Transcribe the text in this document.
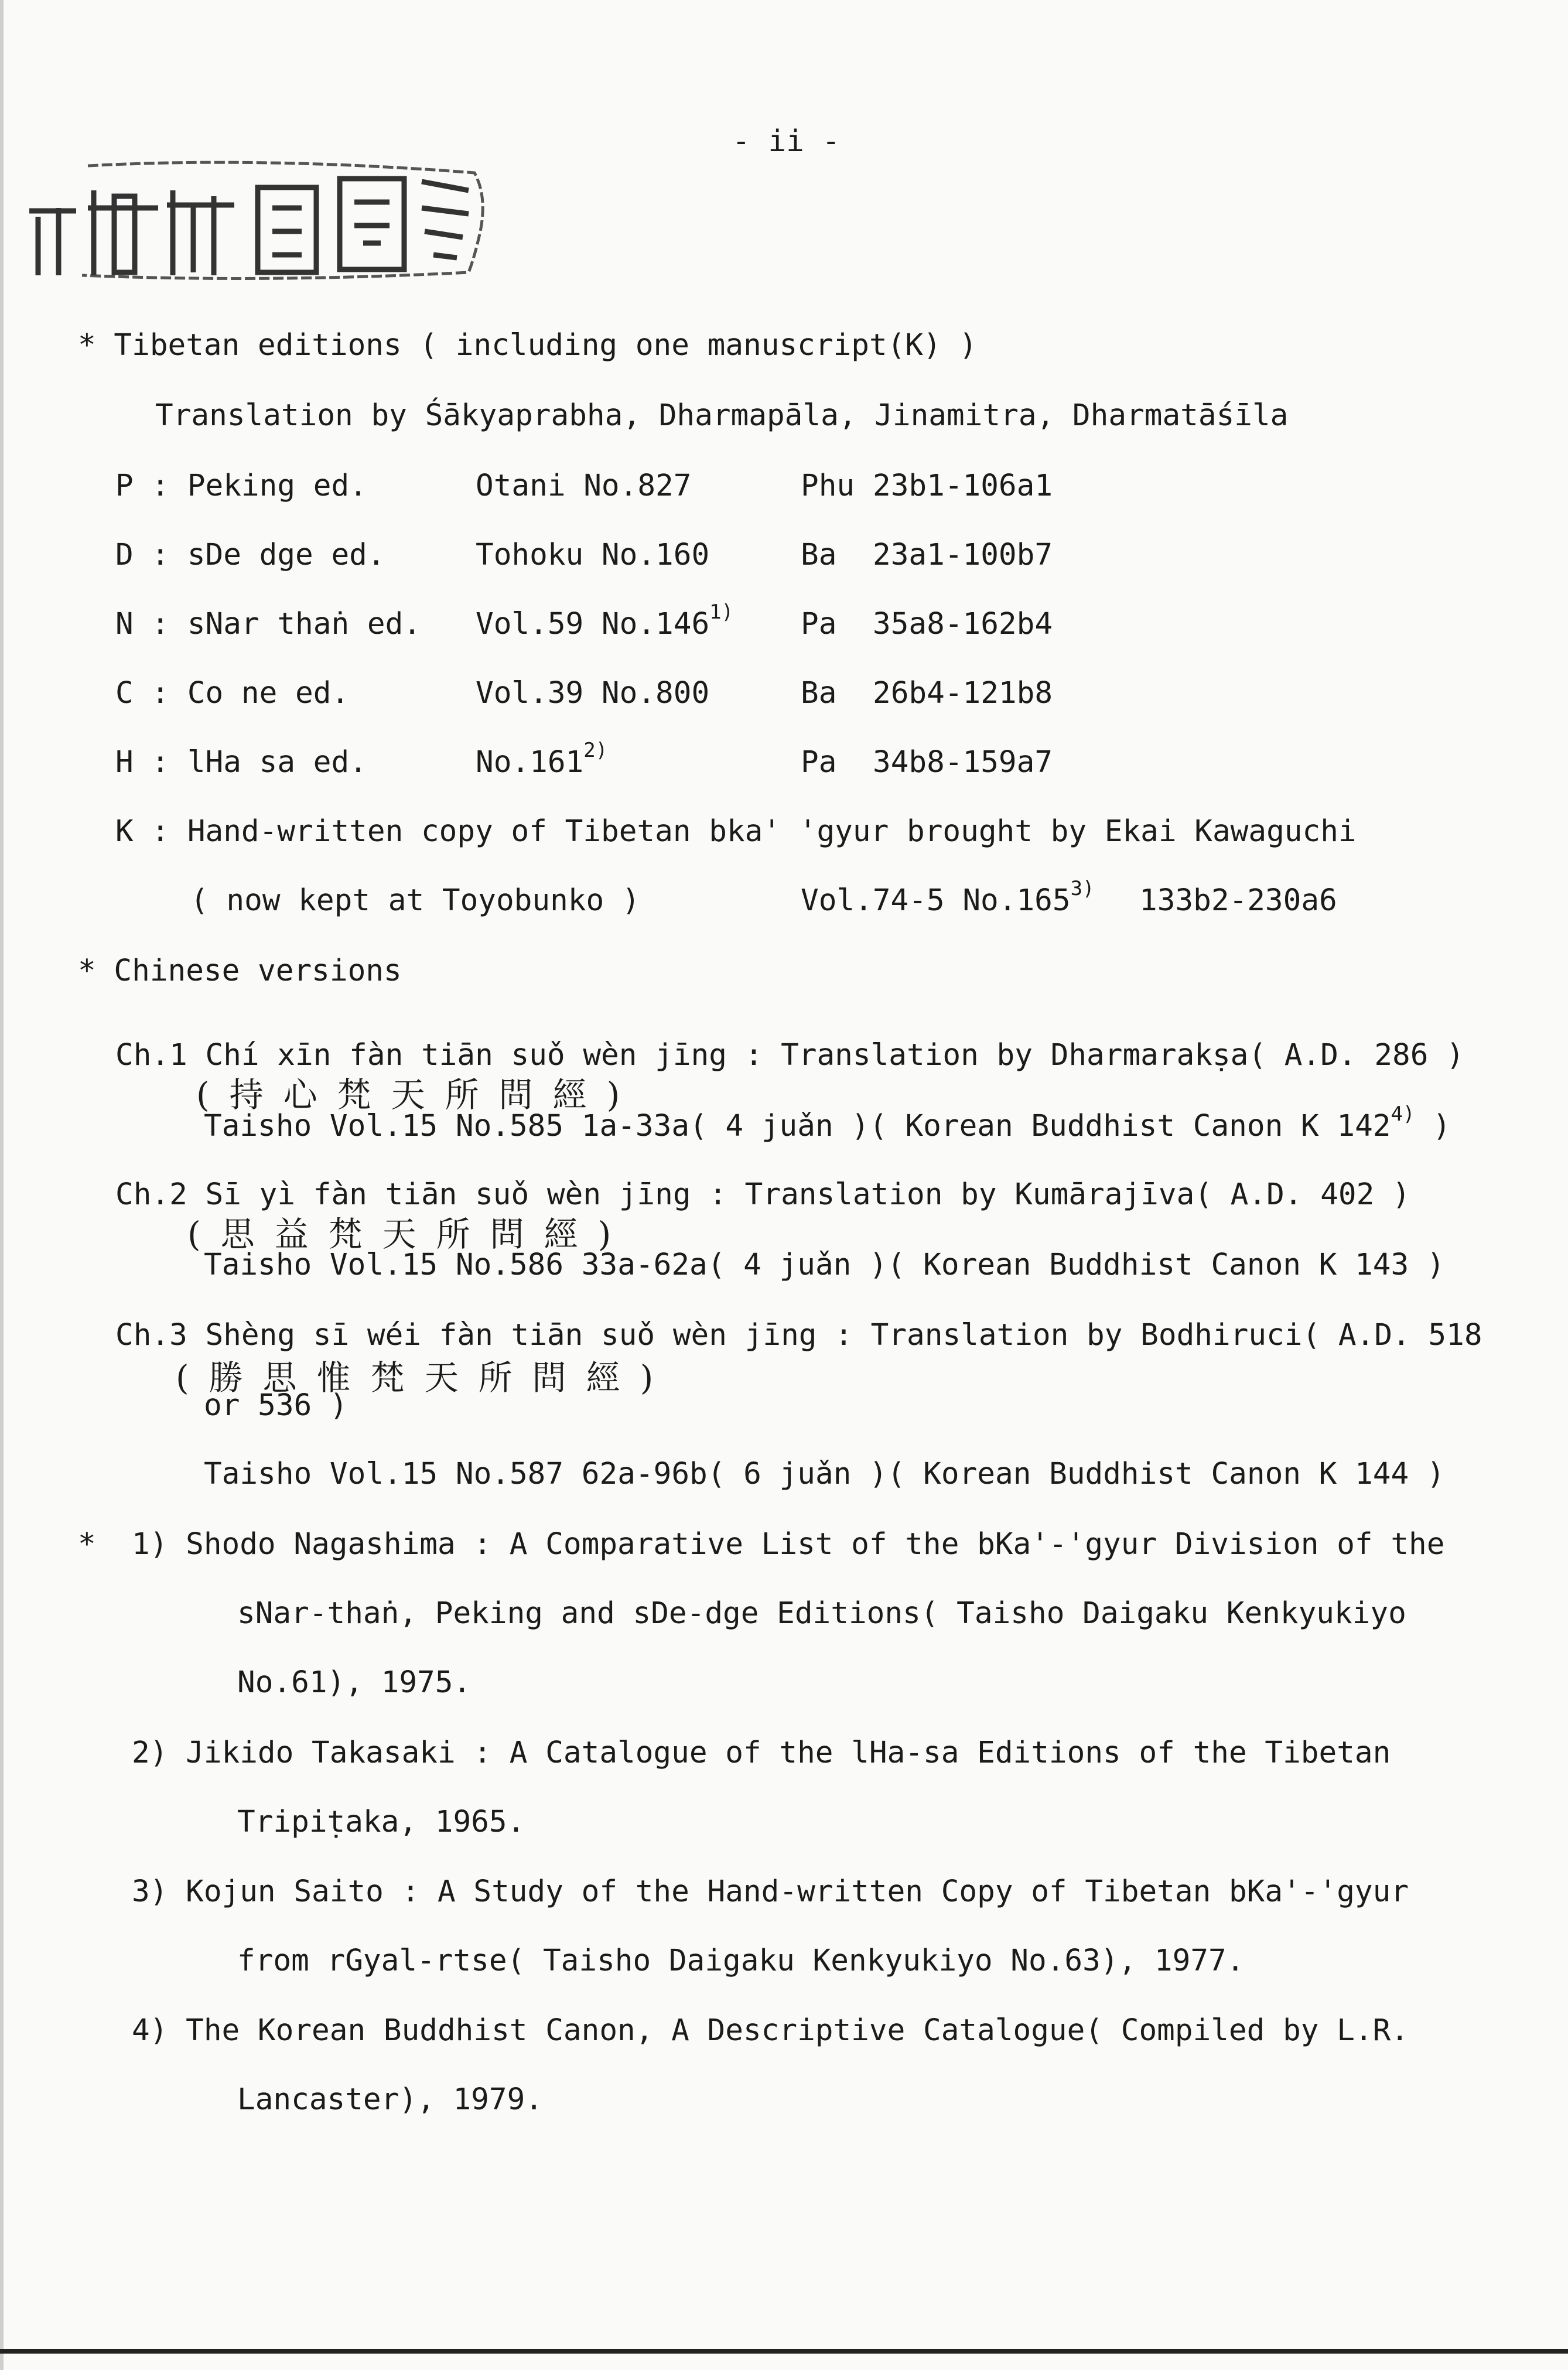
- ii -
* Tibetan editions ( including one manuscript(K) )
Translation by Śākyaprabha, Dharmapāla, Jinamitra, Dharmatāśīla
P : Peking ed.	Otani No.827	Phu 23b1-106a1
D : sDe dge ed.	Tohoku No.160	Ba 23a1-100b7
N : sNar thaṅ ed. Vol.59 No.146$^{1)}$ Pa 35a8-162b4
C : Co ne ed.	Vol.39 No.800	Ba 26b4-121b8
H : lHa sa ed.	No.161$^{2)}$	Pa 34b8-159a7
K : Hand-written copy of Tibetan bka' 'gyur brought by Ekai Kawaguchi
( now kept at Toyobunko )	Vol.74-5 No.165$^{3)}$ 133b2-230a6
* Chinese versions
Ch.1 Chí xīn fàn tiān suǒ wèn jīng : Translation by Dharmarakṣa( A.D. 286 )
(持心梵天所問經)
Taisho Vol.15 No.585 1a-33a( 4 juǎn )( Korean Buddhist Canon K 142$^{4)}$ )
Ch.2 Sī yì fàn tiān suǒ wèn jīng : Translation by Kumārajīva( A.D. 402 )
(思益梵天所問經)
Taisho Vol.15 No.586 33a-62a( 4 juǎn )( Korean Buddhist Canon K 143 )
Ch.3 Shèng sī wéi fàn tiān suǒ wèn jīng : Translation by Bodhiruci( A.D. 518
(勝思惟梵天所問經)
or 536 )
Taisho Vol.15 No.587 62a-96b( 6 juǎn )( Korean Buddhist Canon K 144 )
* 1) Shodo Nagashima : A Comparative List of the bKa'-'gyur Division of the
sNar-thaṅ, Peking and sDe-dge Editions( Taisho Daigaku Kenkyukiyo
No.61), 1975.
2) Jikido Takasaki : A Catalogue of the lHa-sa Editions of the Tibetan
Tripiṭaka, 1965.
3) Kojun Saito : A Study of the Hand-written Copy of Tibetan bKa'-'gyur
from rGyal-rtse( Taisho Daigaku Kenkyukiyo No.63), 1977.
4) The Korean Buddhist Canon, A Descriptive Catalogue( Compiled by L.R.
Lancaster), 1979.
